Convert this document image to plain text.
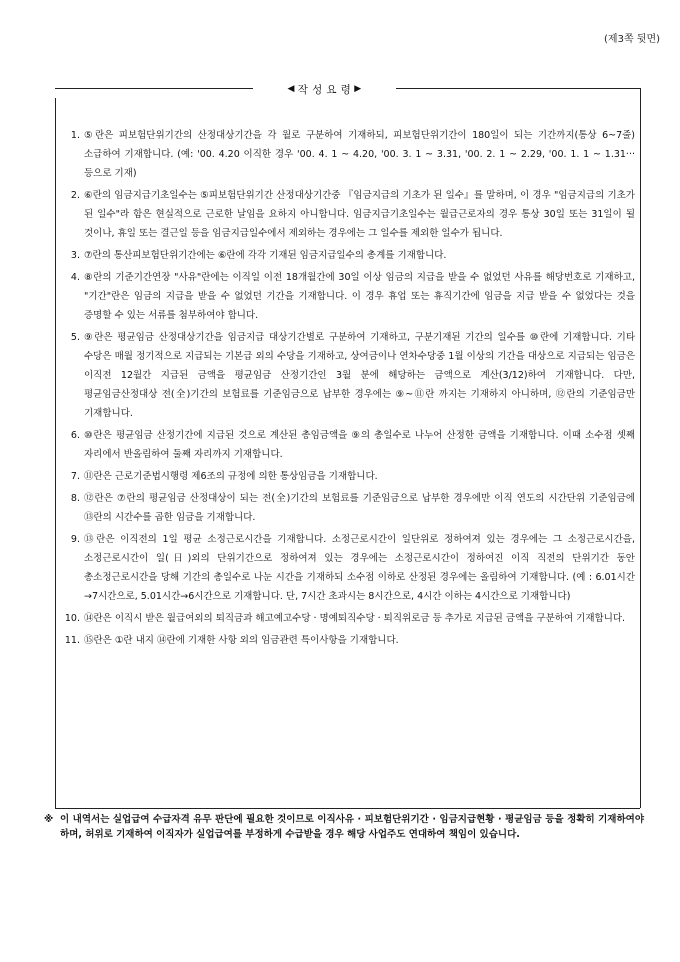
(제3쪽 뒷면)

◀ 작 성 요 령 ▶
1. ⑤란은 피보험단위기간의 산정대상기간을 각 월로 구분하여 기재하되, 피보험단위기간이 180일이 되는 기간까지(통상 6~7줄) 소급하여 기재합니다. (예: '00. 4.20 이직한 경우 '00. 4. 1 ~ 4.20, '00. 3. 1 ~ 3.31, '00. 2. 1 ~ 2.29, '00. 1. 1 ~ 1.31··· 등으로 기재)
2. ⑥란의 임금지급기초일수는 ⑤피보험단위기간 산정대상기간중 『임금지급의 기초가 된 일수』를 말하며, 이 경우 "임금지급의 기초가 된 일수"라 함은 현실적으로 근로한 날임을 요하지 아니합니다. 임금지급기초일수는 월급근로자의 경우 통상 30일 또는 31일이 될 것이나, 휴일 또는 결근일 등을 임금지급일수에서 제외하는 경우에는 그 일수를 제외한 일수가 됩니다.
3. ⑦란의 통산피보험단위기간에는 ⑥란에 각각 기재된 임금지급일수의 총계를 기재합니다.
4. ⑧란의 기준기간연장 "사유"란에는 이직일 이전 18개월간에 30일 이상 임금의 지급을 받을 수 없었던 사유를 해당번호로 기재하고, "기간"란은 임금의 지급을 받을 수 없었던 기간을 기재합니다. 이 경우 휴업 또는 휴직기간에 임금을 지급 받을 수 없었다는 것을 증명할 수 있는 서류를 첨부하여야 합니다.
5. ⑨란은 평균임금 산정대상기간을 임금지급 대상기간별로 구분하여 기재하고, 구분기재된 기간의 일수를 ⑩란에 기재합니다. 기타 수당은 매월 정기적으로 지급되는 기본급 외의 수당을 기재하고, 상여금이나 연차수당중 1월 이상의 기간을 대상으로 지급되는 임금은 이직전 12월간 지급된 금액을 평균임금 산정기간인 3월 분에 해당하는 금액으로 계산(3/12)하여 기재합니다. 다만, 평균임금산정대상 전(全)기간의 보험료를 기준임금으로 납부한 경우에는 ⑨~⑪란 까지는 기재하지 아니하며, ⑫란의 기준임금만 기재합니다.
6. ⑩란은 평균임금 산정기간에 지급된 것으로 계산된 총임금액을 ⑨의 총일수로 나누어 산정한 금액을 기재합니다. 이때 소수점 셋째 자리에서 반올림하여 둘째 자리까지 기재합니다.
7. ⑪란은 근로기준법시행령 제6조의 규정에 의한 통상임금을 기재합니다.
8. ⑫란은 ⑦란의 평균임금 산정대상이 되는 전(全)기간의 보험료를 기준임금으로 납부한 경우에만 이직 연도의 시간단위 기준임금에 ⑬란의 시간수를 곱한 임금을 기재합니다.
9. ⑬란은 이직전의 1일 평균 소정근로시간을 기재합니다. 소정근로시간이 일단위로 정하여져 있는 경우에는 그 소정근로시간을, 소정근로시간이 일(日)외의 단위기간으로 정하여져 있는 경우에는 소정근로시간이 정하여진 이직 직전의 단위기간 동안 총소정근로시간을 당해 기간의 총일수로 나눈 시간을 기재하되 소수점 이하로 산정된 경우에는 올림하여 기재합니다. (예 : 6.01시간→7시간으로, 5.01시간→6시간으로 기재합니다. 단, 7시간 초과시는 8시간으로, 4시간 이하는 4시간으로 기재합니다)
10. ⑭란은 이직시 받은 월급여외의 퇴직금과 해고예고수당 · 명예퇴직수당 · 퇴직위로금 등 추가로 지급된 금액을 구분하여 기재합니다.
11. ⑮란은 ①란 내지 ⑭란에 기재한 사항 외의 임금관련 특이사항을 기재합니다.
※ 이 내역서는 실업급여 수급자격 유무 판단에 필요한 것이므로 이직사유 · 피보험단위기간 · 임금지급현황 · 평균임금 등을 정확히 기재하여야 하며, 허위로 기재하여 이직자가 실업급여를 부정하게 수급받을 경우 해당 사업주도 연대하여 책임이 있습니다.
